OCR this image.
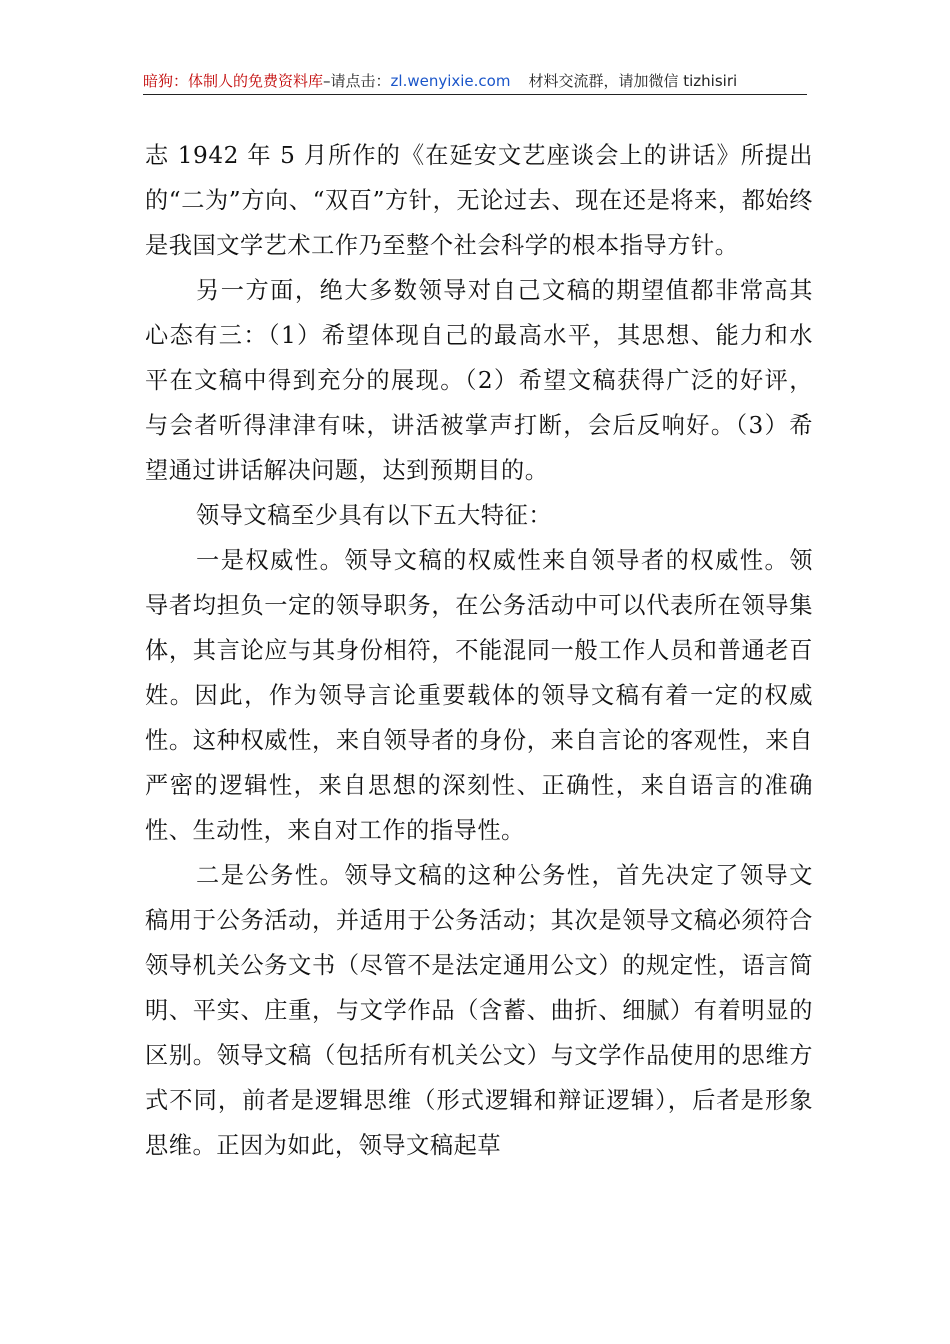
暗狗：体制人的免费资料库–请点击：zl.wenyixie.com 材料交流群，请加微信 tizhisiri

志 1942 年 5 月所作的《在延安文艺座谈会上的讲话》所提出的“二为”方向、“双百”方针，无论过去、现在还是将来，都始终是我国文学艺术工作乃至整个社会科学的根本指导方针。

另一方面，绝大多数领导对自己文稿的期望值都非常高其心态有三：（1）希望体现自己的最高水平，其思想、能力和水平在文稿中得到充分的展现。（2）希望文稿获得广泛的好评，与会者听得津津有味，讲活被掌声打断，会后反响好。（3）希望通过讲话解决问题，达到预期目的。

领导文稿至少具有以下五大特征：

一是权威性。领导文稿的权威性来自领导者的权威性。领导者均担负一定的领导职务，在公务活动中可以代表所在领导集体，其言论应与其身份相符，不能混同一般工作人员和普通老百姓。因此，作为领导言论重要载体的领导文稿有着一定的权威性。这种权威性，来自领导者的身份，来自言论的客观性，来自严密的逻辑性，来自思想的深刻性、正确性，来自语言的准确性、生动性，来自对工作的指导性。

二是公务性。领导文稿的这种公务性，首先决定了领导文稿用于公务活动，并适用于公务活动；其次是领导文稿必须符合领导机关公务文书（尽管不是法定通用公文）的规定性，语言简明、平实、庄重，与文学作品（含蓄、曲折、细腻）有着明显的区别。领导文稿（包括所有机关公文）与文学作品使用的思维方式不同，前者是逻辑思维（形式逻辑和辩证逻辑），后者是形象思维。正因为如此，领导文稿起草
